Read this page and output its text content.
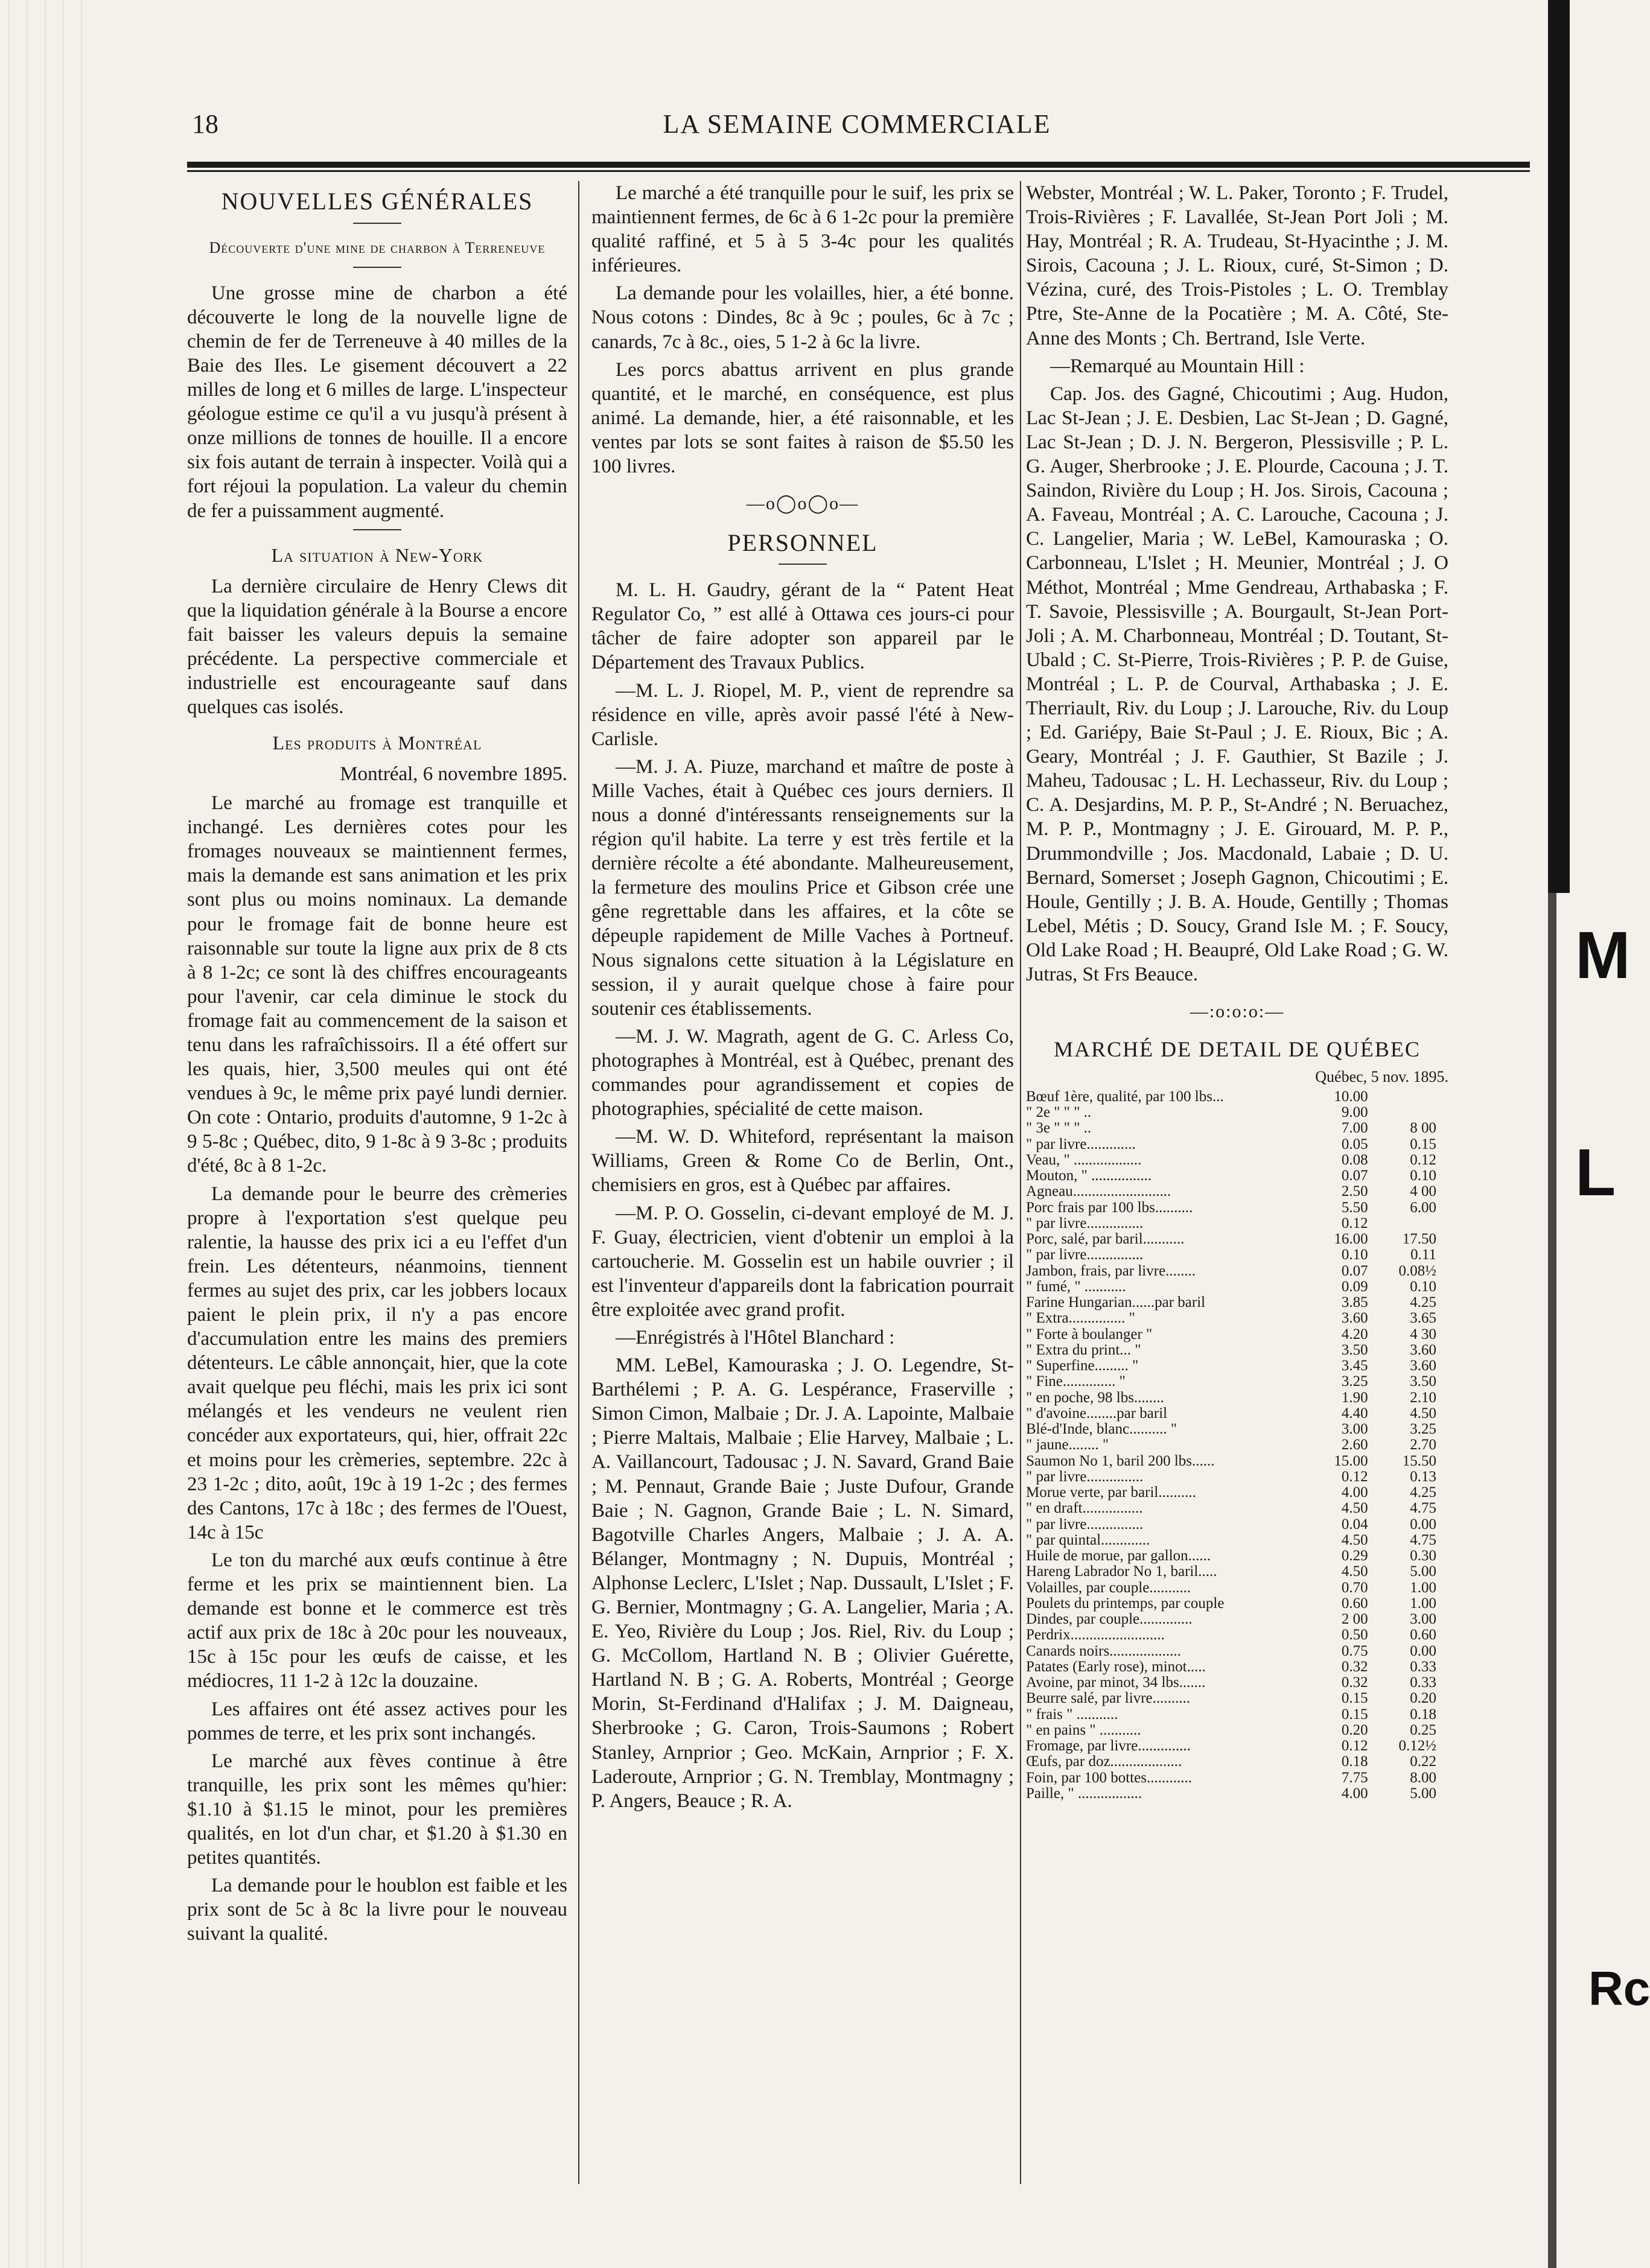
M
L
Rc
LA SEMAINE COMMERCIALE
18
NOUVELLES GÉNÉRALES
Découverte d'une mine de charbon à Terreneuve

Une grosse mine de charbon a été découverte le long de la nouvelle ligne de chemin de fer de Terreneuve à 40 milles de la Baie des Iles. Le gisement découvert a 22 milles de long et 6 milles de large. L'inspecteur géologue estime ce qu'il a vu jusqu'à présent à onze millions de tonnes de houille. Il a encore six fois autant de terrain à inspecter. Voilà qui a fort réjoui la population. La valeur du chemin de fer a puissamment augmenté.

La situation à New-York

La dernière circulaire de Henry Clews dit que la liquidation générale à la Bourse a encore fait baisser les valeurs depuis la semaine précédente. La perspective commerciale et industrielle est encourageante sauf dans quelques cas isolés.

Les produits à Montréal
Montréal, 6 novembre 1895.

Le marché au fromage est tranquille et inchangé. Les dernières cotes pour les fromages nouveaux se maintiennent fermes, mais la demande est sans animation et les prix sont plus ou moins nominaux. La demande pour le fromage fait de bonne heure est raisonnable sur toute la ligne aux prix de 8 cts à 8 1-2c; ce sont là des chiffres encourageants pour l'avenir, car cela diminue le stock du fromage fait au commencement de la saison et tenu dans les rafraîchissoirs. Il a été offert sur les quais, hier, 3,500 meules qui ont été vendues à 9c, le même prix payé lundi dernier. On cote : Ontario, produits d'automne, 9 1-2c à 9 5-8c ; Québec, dito, 9 1-8c à 9 3-8c ; produits d'été, 8c à 8 1-2c.

La demande pour le beurre des crèmeries propre à l'exportation s'est quelque peu ralentie, la hausse des prix ici a eu l'effet d'un frein. Les détenteurs, néanmoins, tiennent fermes au sujet des prix, car les jobbers locaux paient le plein prix, il n'y a pas encore d'accumulation entre les mains des premiers détenteurs. Le câble annonçait, hier, que la cote avait quelque peu fléchi, mais les prix ici sont mélangés et les vendeurs ne veulent rien concéder aux exportateurs, qui, hier, offrait 22c et moins pour les crèmeries, septembre. 22c à 23 1-2c ; dito, août, 19c à 19 1-2c ; des fermes des Cantons, 17c à 18c ; des fermes de l'Ouest, 14c à 15c

Le ton du marché aux œufs continue à être ferme et les prix se maintiennent bien. La demande est bonne et le commerce est très actif aux prix de 18c à 20c pour les nouveaux, 15c à 15c pour les œufs de caisse, et les médiocres, 11 1-2 à 12c la douzaine.

Les affaires ont été assez actives pour les pommes de terre, et les prix sont inchangés.

Le marché aux fèves continue à être tranquille, les prix sont les mêmes qu'hier: $1.10 à $1.15 le minot, pour les premières qualités, en lot d'un char, et $1.20 à $1.30 en petites quantités.

La demande pour le houblon est faible et les prix sont de 5c à 8c la livre pour le nouveau suivant la qualité.

Le marché a été tranquille pour le suif, les prix se maintiennent fermes, de 6c à 6 1-2c pour la première qualité raffiné, et 5 à 5 3-4c pour les qualités inférieures.

La demande pour les volailles, hier, a été bonne. Nous cotons : Dindes, 8c à 9c ; poules, 6c à 7c ; canards, 7c à 8c., oies, 5 1-2 à 6c la livre.

Les porcs abattus arrivent en plus grande quantité, et le marché, en conséquence, est plus animé. La demande, hier, a été raisonnable, et les ventes par lots se sont faites à raison de $5.50 les 100 livres.

—o◯o◯o—
PERSONNEL

M. L. H. Gaudry, gérant de la “ Patent Heat Regulator Co, ” est allé à Ottawa ces jours-ci pour tâcher de faire adopter son appareil par le Département des Travaux Publics.

—M. L. J. Riopel, M. P., vient de reprendre sa résidence en ville, après avoir passé l'été à New-Carlisle.

—M. J. A. Piuze, marchand et maître de poste à Mille Vaches, était à Québec ces jours derniers. Il nous a donné d'intéressants renseignements sur la région qu'il habite. La terre y est très fertile et la dernière récolte a été abondante. Malheureusement, la fermeture des moulins Price et Gibson crée une gêne regrettable dans les affaires, et la côte se dépeuple rapidement de Mille Vaches à Portneuf. Nous signalons cette situation à la Législature en session, il y aurait quelque chose à faire pour soutenir ces établissements.

—M. J. W. Magrath, agent de G. C. Arless Co, photographes à Montréal, est à Québec, prenant des commandes pour agrandissement et copies de photographies, spécialité de cette maison.

—M. W. D. Whiteford, représentant la maison Williams, Green & Rome Co de Berlin, Ont., chemisiers en gros, est à Québec par affaires.

—M. P. O. Gosselin, ci-devant employé de M. J. F. Guay, électricien, vient d'obtenir un emploi à la cartoucherie. M. Gosselin est un habile ouvrier ; il est l'inventeur d'appareils dont la fabrication pourrait être exploitée avec grand profit.

—Enrégistrés à l'Hôtel Blanchard :

MM. LeBel, Kamouraska ; J. O. Legendre, St-Barthélemi ; P. A. G. Lespérance, Fraserville ; Simon Cimon, Malbaie ; Dr. J. A. Lapointe, Malbaie ; Pierre Maltais, Malbaie ; Elie Harvey, Malbaie ; L. A. Vaillancourt, Tadousac ; J. N. Savard, Grand Baie ; M. Pennaut, Grande Baie ; Juste Dufour, Grande Baie ; N. Gagnon, Grande Baie ; L. N. Simard, Bagotville Charles Angers, Malbaie ; J. A. A. Bélanger, Montmagny ; N. Dupuis, Montréal ; Alphonse Leclerc, L'Islet ; Nap. Dussault, L'Islet ; F. G. Bernier, Montmagny ; G. A. Langelier, Maria ; A. E. Yeo, Rivière du Loup ; Jos. Riel, Riv. du Loup ; G. McCollom, Hartland N. B ; Olivier Guérette, Hartland N. B ; G. A. Roberts, Montréal ; George Morin, St-Ferdinand d'Halifax ; J. M. Daigneau, Sherbrooke ; G. Caron, Trois-Saumons ; Robert Stanley, Arnprior ; Geo. McKain, Arnprior ; F. X. Laderoute, Arnprior ; G. N. Tremblay, Montmagny ; P. Angers, Beauce ; R. A.

Webster, Montréal ; W. L. Paker, Toronto ; F. Trudel, Trois-Rivières ; F. Lavallée, St-Jean Port Joli ; M. Hay, Montréal ; R. A. Trudeau, St-Hyacinthe ; J. M. Sirois, Cacouna ; J. L. Rioux, curé, St-Simon ; D. Vézina, curé, des Trois-Pistoles ; L. O. Tremblay Ptre, Ste-Anne de la Pocatière ; M. A. Côté, Ste-Anne des Monts ; Ch. Bertrand, Isle Verte.

—Remarqué au Mountain Hill :

Cap. Jos. des Gagné, Chicoutimi ; Aug. Hudon, Lac St-Jean ; J. E. Desbien, Lac St-Jean ; D. Gagné, Lac St-Jean ; D. J. N. Bergeron, Plessisville ; P. L. G. Auger, Sherbrooke ; J. E. Plourde, Cacouna ; J. T. Saindon, Rivière du Loup ; H. Jos. Sirois, Cacouna ; A. Faveau, Montréal ; A. C. Larouche, Cacouna ; J. C. Langelier, Maria ; W. LeBel, Kamouraska ; O. Carbonneau, L'Islet ; H. Meunier, Montréal ; J. O Méthot, Montréal ; Mme Gendreau, Arthabaska ; F. T. Savoie, Plessisville ; A. Bourgault, St-Jean Port-Joli ; A. M. Charbonneau, Montréal ; D. Toutant, St-Ubald ; C. St-Pierre, Trois-Rivières ; P. P. de Guise, Montréal ; L. P. de Courval, Arthabaska ; J. E. Therriault, Riv. du Loup ; J. Larouche, Riv. du Loup ; Ed. Gariépy, Baie St-Paul ; J. E. Rioux, Bic ; A. Geary, Montréal ; J. F. Gauthier, St Bazile ; J. Maheu, Tadousac ; L. H. Lechasseur, Riv. du Loup ; C. A. Desjardins, M. P. P., St-André ; N. Beruachez, M. P. P., Montmagny ; J. E. Girouard, M. P. P., Drummondville ; Jos. Macdonald, Labaie ; D. U. Bernard, Somerset ; Joseph Gagnon, Chicoutimi ; E. Houle, Gentilly ; J. B. A. Houde, Gentilly ; Thomas Lebel, Métis ; D. Soucy, Grand Isle M. ; F. Soucy, Old Lake Road ; H. Beaupré, Old Lake Road ; G. W. Jutras, St Frs Beauce.

—:o:o:o:—
MARCHÉ DE DETAIL DE QUÉBEC
Québec, 5 nov. 1895.
Bœuf 1ère, qualité, par 100 lbs...	10.00	
" 2e " " " ..	9.00	
" 3e " " " ..	7.00	8 00
" par livre.............	0.05	0.15
Veau, " ..................	0.08	0.12
Mouton, " ................	0.07	0.10
Agneau..........................	2.50	4 00
Porc frais par 100 lbs..........	5.50	6.00
" par livre...............	0.12	
Porc, salé, par baril...........	16.00	17.50
" par livre...............	0.10	0.11
Jambon, frais, par livre........	0.07	0.08½
" fumé, " ...........	0.09	0.10
Farine Hungarian......par baril	3.85	4.25
" Extra............... "	3.60	3.65
" Forte à boulanger "	4.20	4 30
" Extra du print... "	3.50	3.60
" Superfine......... "	3.45	3.60
" Fine.............. "	3.25	3.50
" en poche, 98 lbs........	1.90	2.10
" d'avoine........par baril	4.40	4.50
Blé-d'Inde, blanc.......... "	3.00	3.25
" jaune........ "	2.60	2.70
Saumon No 1, baril 200 lbs......	15.00	15.50
" par livre...............	0.12	0.13
Morue verte, par baril..........	4.00	4.25
" en draft................	4.50	4.75
" par livre...............	0.04	0.00
" par quintal.............	4.50	4.75
Huile de morue, par gallon......	0.29	0.30
Hareng Labrador No 1, baril.....	4.50	5.00
Volailles, par couple...........	0.70	1.00
Poulets du printemps, par couple	0.60	1.00
Dindes, par couple..............	2 00	3.00
Perdrix.........................	0.50	0.60
Canards noirs...................	0.75	0.00
Patates (Early rose), minot.....	0.32	0.33
Avoine, par minot, 34 lbs.......	0.32	0.33
Beurre salé, par livre..........	0.15	0.20
" frais " ...........	0.15	0.18
" en pains " ...........	0.20	0.25
Fromage, par livre..............	0.12	0.12½
Œufs, par doz...................	0.18	0.22
Foin, par 100 bottes............	7.75	8.00
Paille, " .................	4.00	5.00
